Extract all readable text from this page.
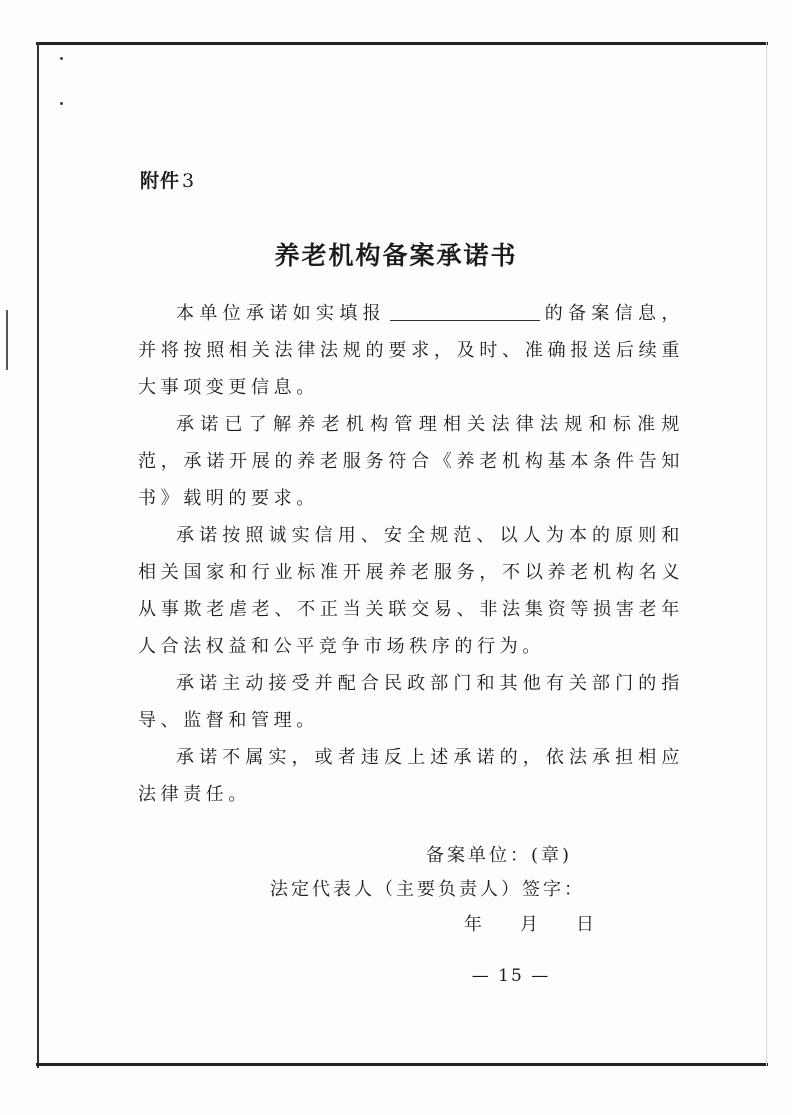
附件 3
养老机构备案承诺书

本单位承诺如实填报	的备案信息，并将按照相关法律法规的要求，及时、准确报送后续重大事项变更信息。

承诺已了解养老机构管理相关法律法规和标准规范，承诺开展的养老服务符合《养老机构基本条件告知书》载明的要求。

承诺按照诚实信用、安全规范、以人为本的原则和相关国家和行业标准开展养老服务，不以养老机构名义从事欺老虐老、不正当关联交易、非法集资等损害老年人合法权益和公平竞争市场秩序的行为。

承诺主动接受并配合民政部门和其他有关部门的指导、监督和管理。

承诺不属实，或者违反上述承诺的，依法承担相应法律责任。

备案单位：(章)
法定代表人（主要负责人）签字：
年　月　日
— 15 —
